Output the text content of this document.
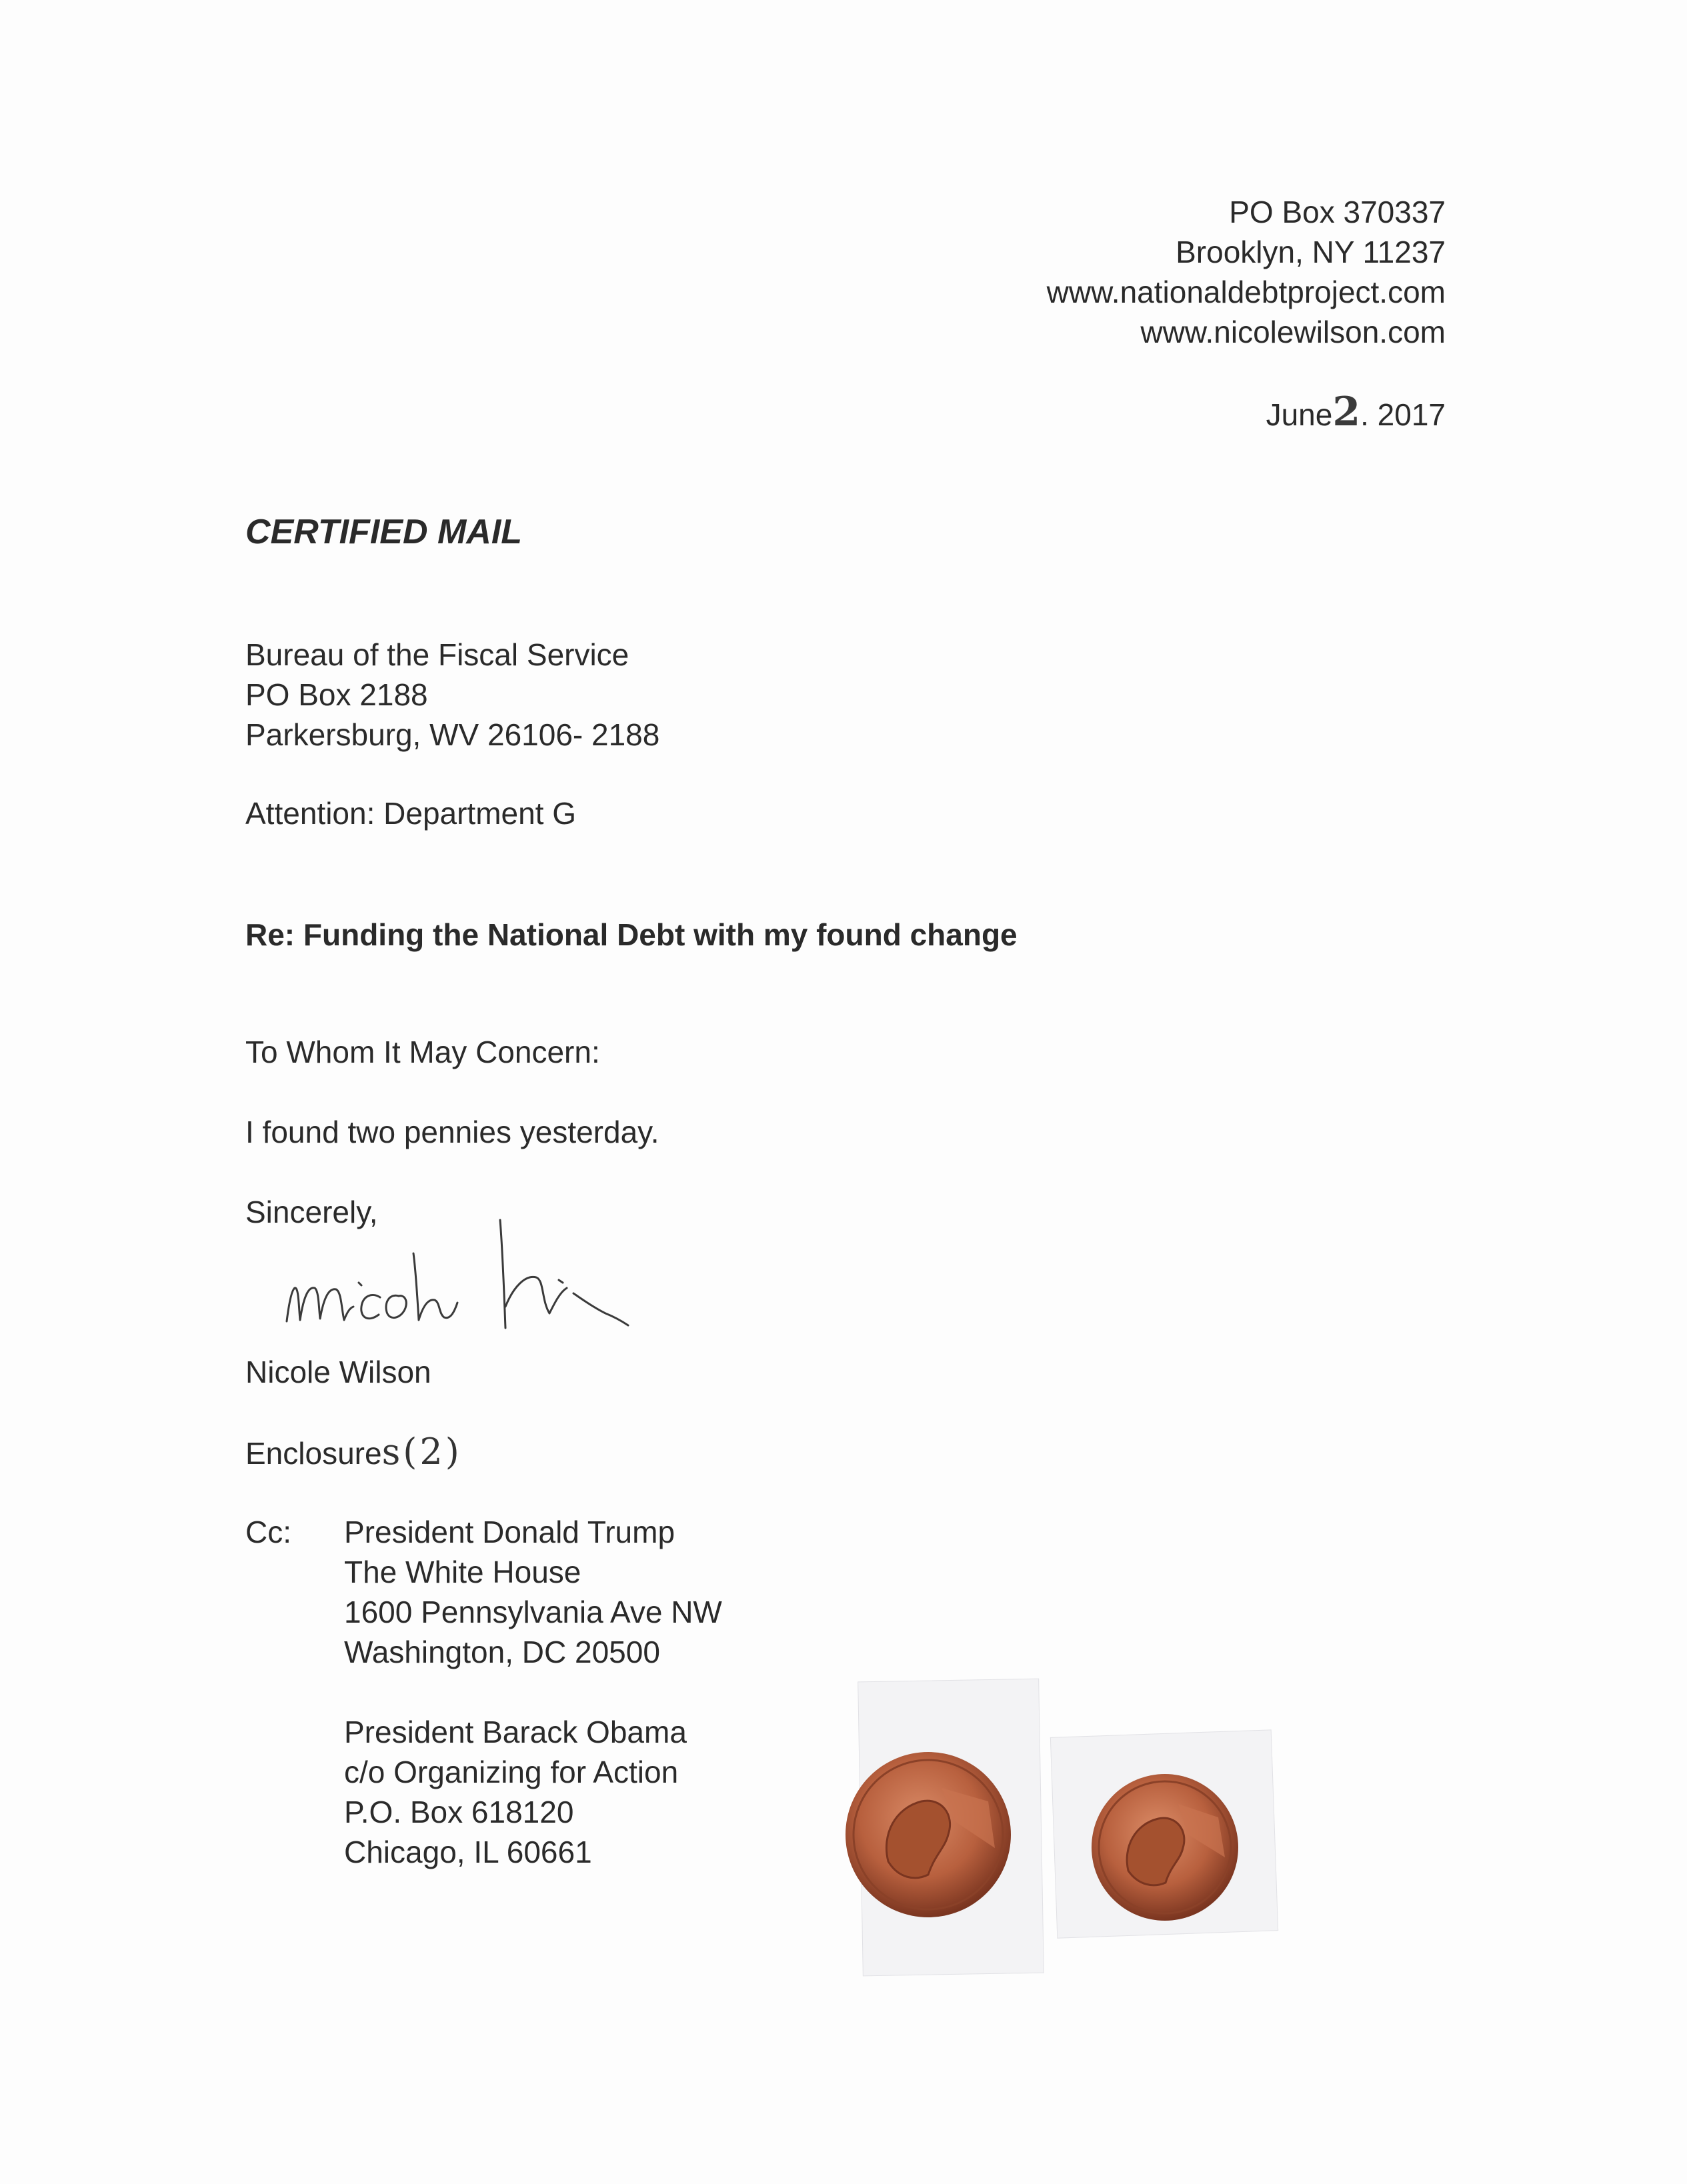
PO Box 370337
Brooklyn, NY 11237
www.nationaldebtproject.com
www.nicolewilson.com
June2. 2017
CERTIFIED MAIL
Bureau of the Fiscal Service
PO Box 2188
Parkersburg, WV 26106- 2188
Attention: Department G
Re: Funding the National Debt with my found change
To Whom It May Concern:
I found two pennies yesterday.
Sincerely,
Nicole Wilson
Enclosures(2)
Cc: President Donald Trump
The White House
1600 Pennsylvania Ave NW
Washington, DC 20500
President Barack Obama
c/o Organizing for Action
P.O. Box 618120
Chicago, IL 60661
